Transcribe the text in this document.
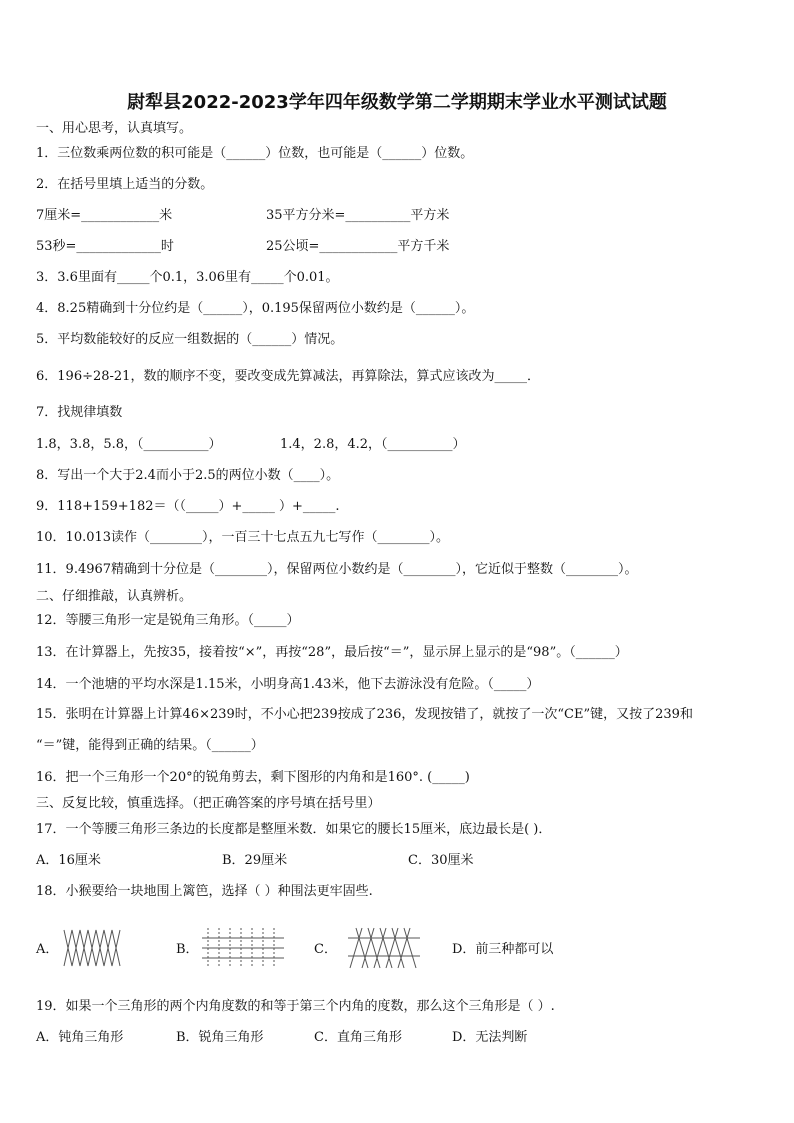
尉犁县2022-2023学年四年级数学第二学期期末学业水平测试试题
一、用心思考，认真填写。
1．三位数乘两位数的积可能是（______）位数，也可能是（______）位数。
2．在括号里填上适当的分数。
7厘米=____________米	35平方分米=__________平方米
53秒=_____________时	25公顷=____________平方千米
3．3.6里面有_____个0.1，3.06里有_____个0.01。
4．8.25精确到十分位约是（______），0.195保留两位小数约是（______）。
5．平均数能较好的反应一组数据的（______）情况。
6．196÷28-21，数的顺序不变，要改变成先算减法，再算除法，算式应该改为_____．
7．找规律填数
1.8，3.8，5.8，（__________）	1.4，2.8，4.2，（__________）
8．写出一个大于2.4而小于2.5的两位小数（____）。
9．118+159+182＝（（_____）+_____ ）+_____.
10．10.013读作（________），一百三十七点五九七写作（________）。
11．9.4967精确到十分位是（________），保留两位小数约是（________），它近似于整数（________）。
二、仔细推敲，认真辨析。
12．等腰三角形一定是锐角三角形。（_____）
13．在计算器上，先按35，接着按“×”，再按“28”，最后按“＝”，显示屏上显示的是“98”。（______）
14．一个池塘的平均水深是1.15米，小明身高1.43米，他下去游泳没有危险。（_____）
15．张明在计算器上计算46×239时，不小心把239按成了236，发现按错了，就按了一次“CE”键，又按了239和
“＝”键，能得到正确的结果。（______）
16．把一个三角形一个20°的锐角剪去，剩下图形的内角和是160°. (_____)
三、反复比较，慎重选择。（把正确答案的序号填在括号里）
17．一个等腰三角形三条边的长度都是整厘米数．如果它的腰长15厘米，底边最长是( )．
A．16厘米	B．29厘米	C．30厘米
18．小猴要给一块地围上篱笆，选择（ ）种围法更牢固些.
A．	B．	C．	D．前三种都可以
19．如果一个三角形的两个内角度数的和等于第三个内角的度数，那么这个三角形是（ ）.
A．钝角三角形	B．锐角三角形	C．直角三角形	D．无法判断
